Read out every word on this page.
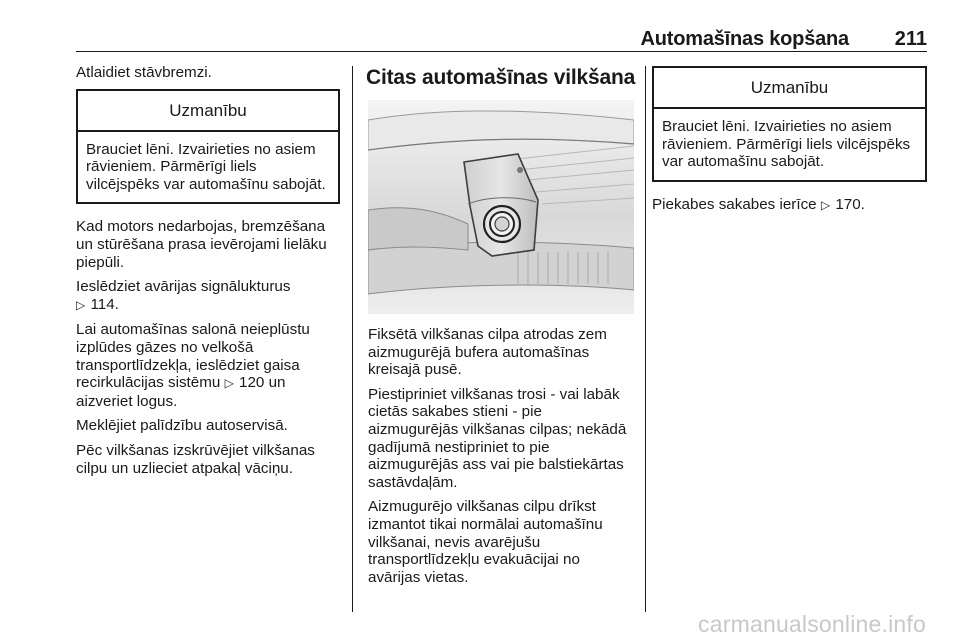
Automašīnas kopšana 211

Atlaidiet stāvbremzi.

Uzmanību
Brauciet lēni. Izvairieties no asiem rāvieniem. Pārmērīgi liels vilcējspēks var automašīnu sabojāt.

Kad motors nedarbojas, bremzēšana un stūrēšana prasa ievērojami lielāku piepūli.

Ieslēdziet avārijas signālukturus
▷ 114.

Lai automašīnas salonā neieplūstu izplūdes gāzes no velkošā transportlīdzekļa, ieslēdziet gaisa recirkulācijas sistēmu ▷ 120 un aizveriet logus.

Meklējiet palīdzību autoservisā.

Pēc vilkšanas izskrūvējiet vilkšanas cilpu un uzlieciet atpakaļ vāciņu.

Citas automašīnas vilkšana

Fiksētā vilkšanas cilpa atrodas zem aizmugurējā bufera automašīnas kreisajā pusē.

Piestipriniet vilkšanas trosi - vai labāk cietās sakabes stieni - pie aizmugurējās vilkšanas cilpas; nekādā gadījumā nestipriniet to pie aizmugurējās ass vai pie balstiekārtas sastāvdaļām.

Aizmugurējo vilkšanas cilpu drīkst izmantot tikai normālai automašīnu vilkšanai, nevis avarējušu transportlīdzekļu evakuācijai no avārijas vietas.

Uzmanību
Brauciet lēni. Izvairieties no asiem rāvieniem. Pārmērīgi liels vilcējspēks var automašīnu sabojāt.

Piekabes sakabes ierīce ▷ 170.

carmanualsonline.info
